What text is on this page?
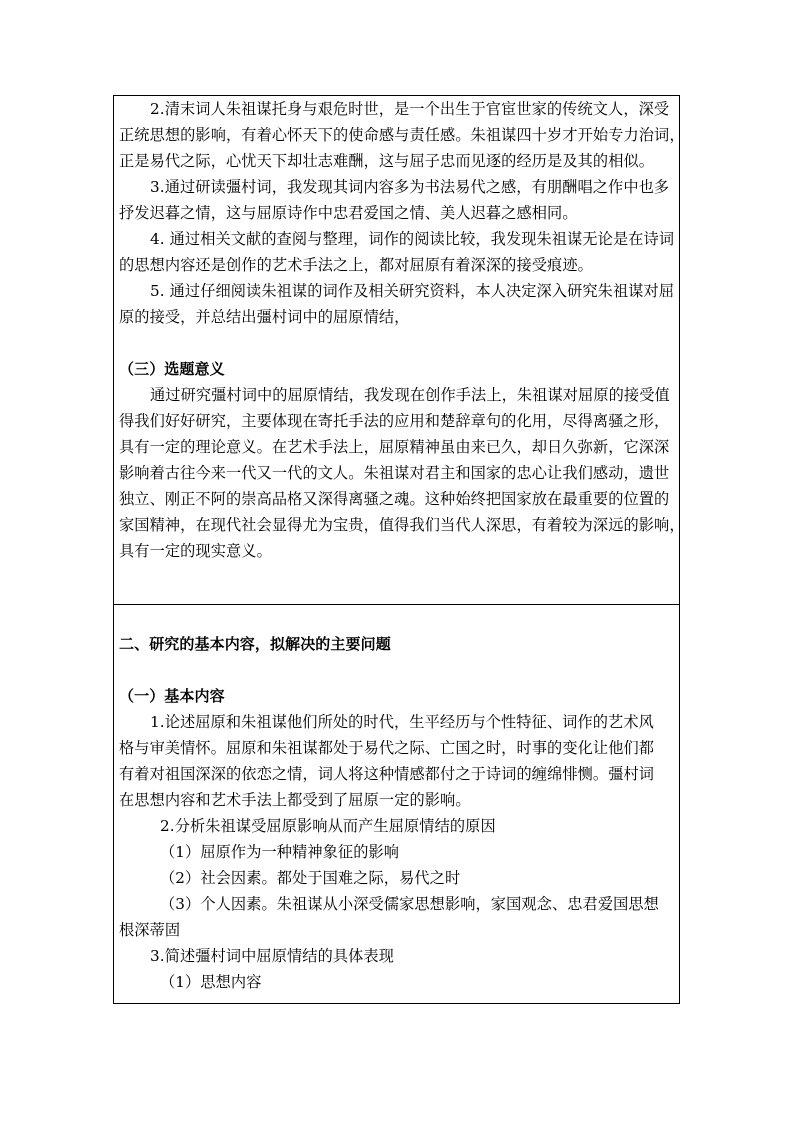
2.清末词人朱祖谋托身与艰危时世，是一个出生于官宦世家的传统文人，深受
正统思想的影响，有着心怀天下的使命感与责任感。朱祖谋四十岁才开始专力治词，
正是易代之际，心忧天下却壮志难酬，这与屈子忠而见逐的经历是及其的相似。
3.通过研读彊村词，我发现其词内容多为书法易代之感，有朋酬唱之作中也多
抒发迟暮之情，这与屈原诗作中忠君爱国之情、美人迟暮之感相同。
4. 通过相关文献的查阅与整理，词作的阅读比较，我发现朱祖谋无论是在诗词
的思想内容还是创作的艺术手法之上，都对屈原有着深深的接受痕迹。
5. 通过仔细阅读朱祖谋的词作及相关研究资料，本人决定深入研究朱祖谋对屈
原的接受，并总结出彊村词中的屈原情结，
（三）选题意义
通过研究彊村词中的屈原情结，我发现在创作手法上，朱祖谋对屈原的接受值
得我们好好研究，主要体现在寄托手法的应用和楚辞章句的化用，尽得离骚之形，
具有一定的理论意义。在艺术手法上，屈原精神虽由来已久，却日久弥新，它深深
影响着古往今来一代又一代的文人。朱祖谋对君主和国家的忠心让我们感动，遗世
独立、刚正不阿的崇高品格又深得离骚之魂。这种始终把国家放在最重要的位置的
家国精神，在现代社会显得尤为宝贵，值得我们当代人深思，有着较为深远的影响，
具有一定的现实意义。
二、研究的基本内容，拟解决的主要问题
（一）基本内容
1.论述屈原和朱祖谋他们所处的时代，生平经历与个性特征、词作的艺术风
格与审美情怀。屈原和朱祖谋都处于易代之际、亡国之时，时事的变化让他们都
有着对祖国深深的依恋之情，词人将这种情感都付之于诗词的缠绵悱恻。彊村词
在思想内容和艺术手法上都受到了屈原一定的影响。
2.分析朱祖谋受屈原影响从而产生屈原情结的原因
（1）屈原作为一种精神象征的影响
（2）社会因素。都处于国难之际，易代之时
（3）个人因素。朱祖谋从小深受儒家思想影响，家国观念、忠君爱国思想
根深蒂固
3.简述彊村词中屈原情结的具体表现
（1）思想内容
